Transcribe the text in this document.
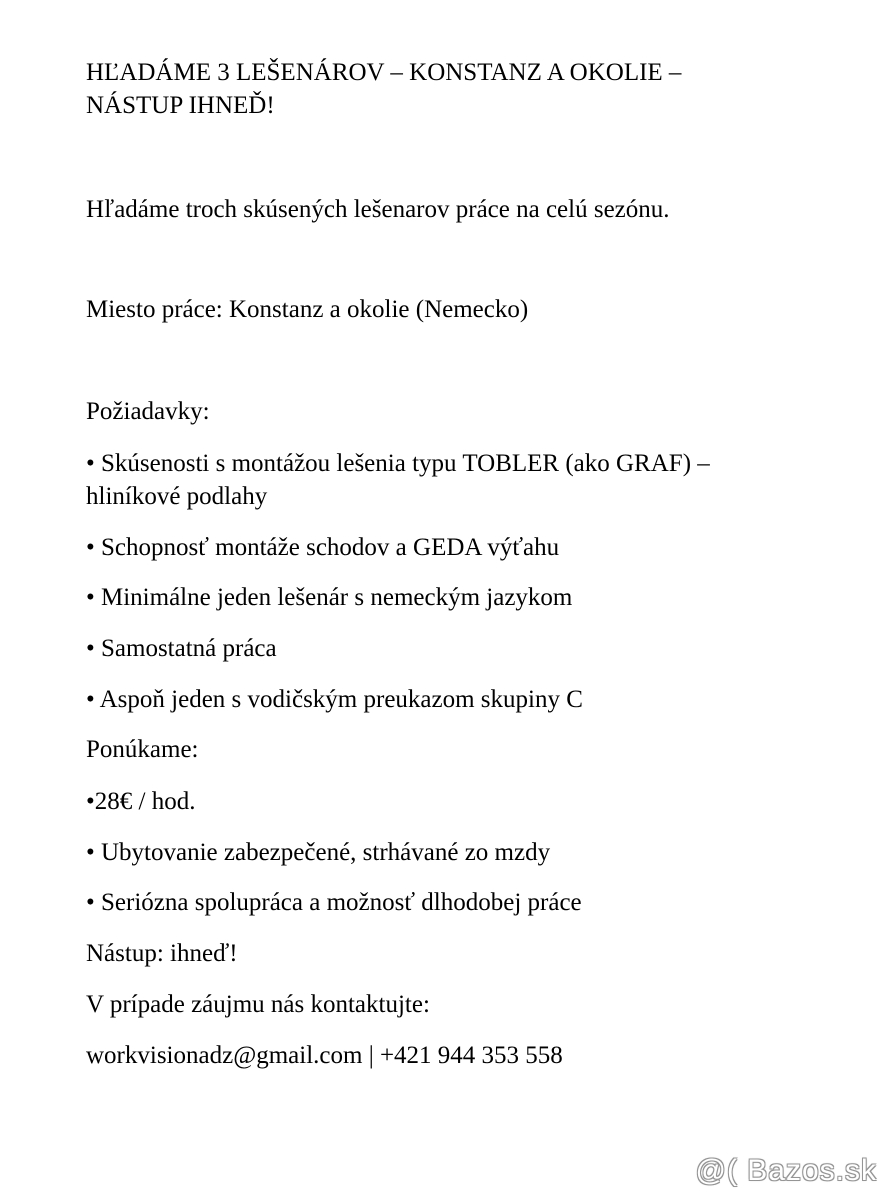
HĽADÁME 3 LEŠENÁROV – KONSTANZ A OKOLIE –

NÁSTUP IHNEĎ!

Hľadáme troch skúsených lešenarov práce na celú sezónu.

Miesto práce: Konstanz a okolie (Nemecko)

Požiadavky:

• Skúsenosti s montážou lešenia typu TOBLER (ako GRAF) –

hliníkové podlahy

• Schopnosť montáže schodov a GEDA výťahu

• Minimálne jeden lešenár s nemeckým jazykom

• Samostatná práca

• Aspoň jeden s vodičským preukazom skupiny C

Ponúkame:

•28€ / hod.

• Ubytovanie zabezpečené, strhávané zo mzdy

• Seriózna spolupráca a možnosť dlhodobej práce

Nástup: ihneď!

V prípade záujmu nás kontaktujte:

workvisionadz@gmail.com | +421 944 353 558

@( Bazos.sk
